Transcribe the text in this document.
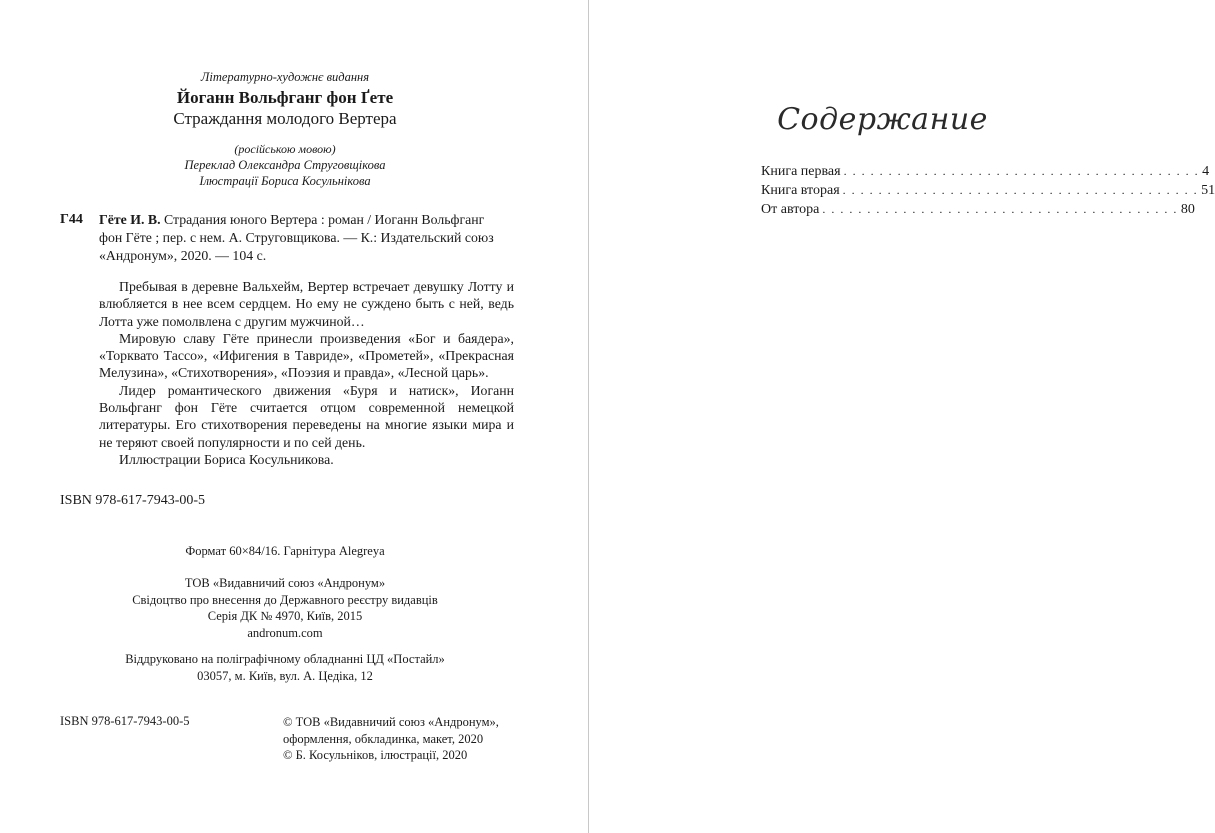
Літературно-художнє видання
Йоганн Вольфганг фон Ґете
Страждання молодого Вертера
(російською мовою)
Переклад Олександра Струговщікова
Ілюстрації Бориса Косульнікова
Г44 Гёте И. В. Страдания юного Вертера : роман / Иоганн Вольфганг фон Гёте ; пер. с нем. А. Струговщикова. — К.: Издательский союз «Андронум», 2020. — 104 с.

Пребывая в деревне Вальхейм, Вертер встречает девушку Лотту и влюбляется в нее всем сердцем. Но ему не суждено быть с ней, ведь Лотта уже помолвлена с другим мужчиной…

Мировую славу Гёте принесли произведения «Бог и баядера», «Торквато Тассо», «Ифигения в Тавриде», «Прометей», «Прекрасная Мелузина», «Стихотворения», «Поэзия и правда», «Лесной царь».

Лидер романтического движения «Буря и натиск», Иоганн Вольфганг фон Гёте считается отцом современной немецкой литературы. Его стихотворения переведены на многие языки мира и не теряют своей популярности и по сей день.

Иллюстрации Бориса Косульникова.

ISBN 978-617-7943-00-5
Формат 60×84/16. Гарнітура Alegreya
ТОВ «Видавничий союз «Андронум»
Свідоцтво про внесення до Державного реєстру видавців
Серія ДК № 4970, Київ, 2015
andronum.com
Віддруковано на поліграфічному обладнанні ЦД «Постайл»
03057, м. Київ, вул. А. Цедіка, 12
ISBN 978-617-7943-00-5	© ТОВ «Видавничий союз «Андронум»,
оформлення, обкладинка, макет, 2020
© Б. Косульніков, ілюстрації, 2020
Содержание
Книга первая . . . . . . . . . . . . . . . . . . . . . . . . . . . . . . . . . . . . . . . . 4
Книга вторая . . . . . . . . . . . . . . . . . . . . . . . . . . . . . . . . . . . . . . . . 51
От автора . . . . . . . . . . . . . . . . . . . . . . . . . . . . . . . . . . . . . . . . 80
